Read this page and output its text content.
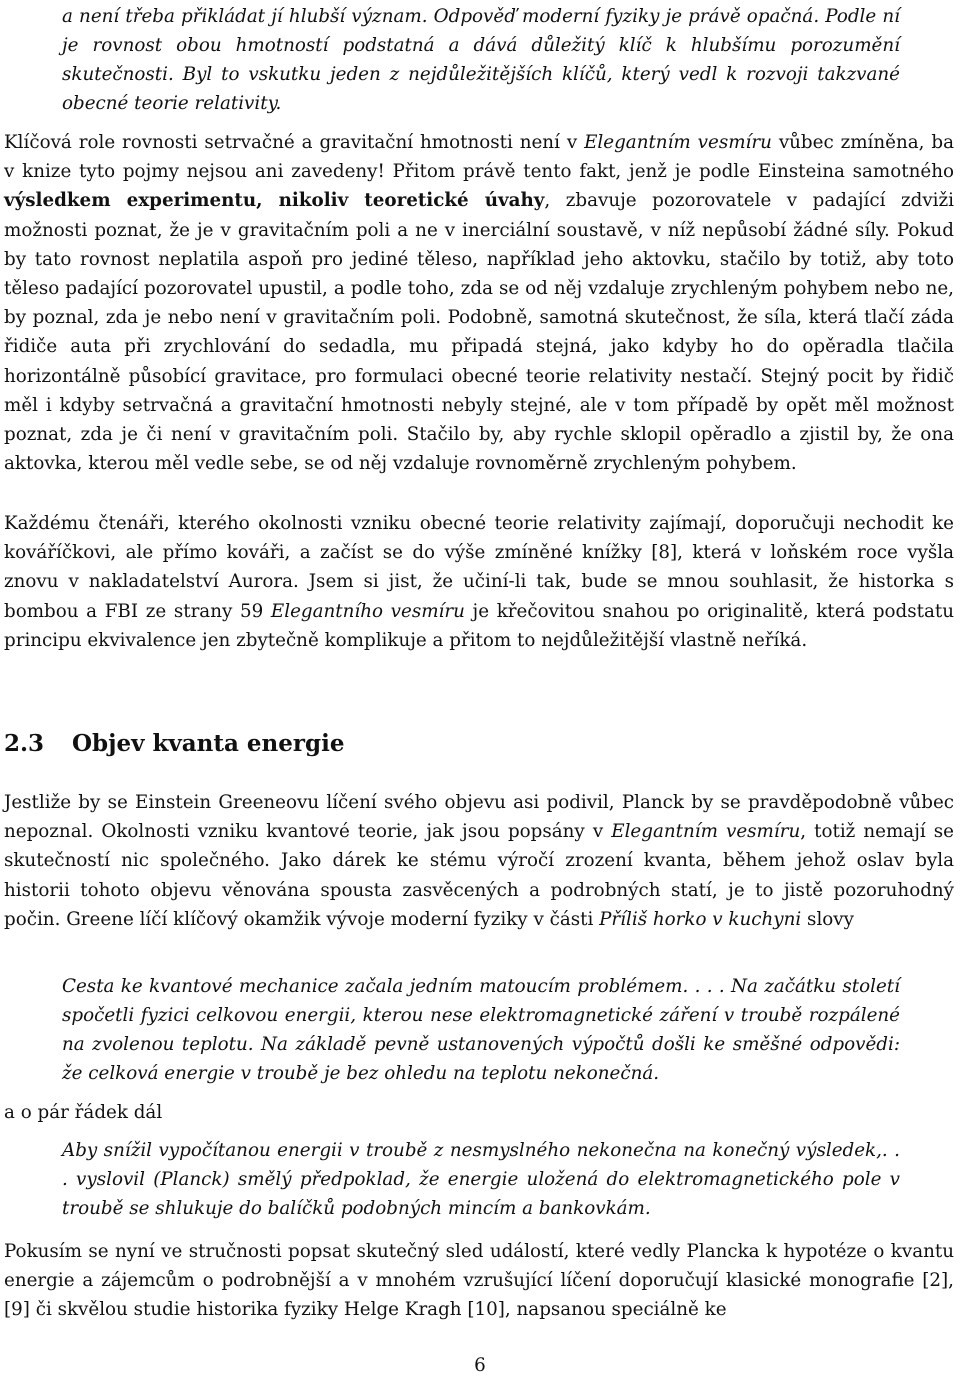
a není třeba přikládat jí hlubší význam. Odpověď moderní fyziky je právě opačná. Podle ní je rovnost obou hmotností podstatná a dává důležitý klíč k hlubšímu porozumění skutečnosti. Byl to vskutku jeden z nejdůležitějších klíčů, který vedl k rozvoji takzvané obecné teorie relativity.
Klíčová role rovnosti setrvačné a gravitační hmotnosti není v Elegantním vesmíru vůbec zmíněna, ba v knize tyto pojmy nejsou ani zavedeny! Přitom právě tento fakt, jenž je podle Einsteina samotného výsledkem experimentu, nikoliv teoretické úvahy, zbavuje pozorovatele v padající zdviži možnosti poznat, že je v gravitačním poli a ne v inerciální soustavě, v níž nepůsobí žádné síly. Pokud by tato rovnost neplatila aspoň pro jediné těleso, například jeho aktovku, stačilo by totiž, aby toto těleso padající pozorovatel upustil, a podle toho, zda se od něj vzdaluje zrychleným pohybem nebo ne, by poznal, zda je nebo není v gravitačním poli. Podobně, samotná skutečnost, že síla, která tlačí záda řidiče auta při zrychlování do sedadla, mu připadá stejná, jako kdyby ho do opěradla tlačila horizontálně působící gravitace, pro formulaci obecné teorie relativity nestačí. Stejný pocit by řidič měl i kdyby setrvačná a gravitační hmotnosti nebyly stejné, ale v tom případě by opět měl možnost poznat, zda je či není v gravitačním poli. Stačilo by, aby rychle sklopil opěradlo a zjistil by, že ona aktovka, kterou měl vedle sebe, se od něj vzdaluje rovnoměrně zrychleným pohybem.
Každému čtenáři, kterého okolnosti vzniku obecné teorie relativity zajímají, doporučuji nechodit ke kováříčkovi, ale přímo kováři, a začíst se do výše zmíněné knížky [8], která v loňském roce vyšla znovu v nakladatelství Aurora. Jsem si jist, že učiní-li tak, bude se mnou souhlasit, že historka s bombou a FBI ze strany 59 Elegantního vesmíru je křečovitou snahou po originalitě, která podstatu principu ekvivalence jen zbytečně komplikuje a přitom to nejdůležitější vlastně neříká.
2.3 Objev kvanta energie
Jestliže by se Einstein Greeneovu líčení svého objevu asi podivil, Planck by se pravděpodobně vůbec nepoznal. Okolnosti vzniku kvantové teorie, jak jsou popsány v Elegantním vesmíru, totiž nemají se skutečností nic společného. Jako dárek ke stému výročí zrození kvanta, během jehož oslav byla historii tohoto objevu věnována spousta zasvěcených a podrobných statí, je to jistě pozoruhodný počin. Greene líčí klíčový okamžik vývoje moderní fyziky v části Příliš horko v kuchyni slovy
Cesta ke kvantové mechanice začala jedním matoucím problémem. . . . Na začátku století spočetli fyzici celkovou energii, kterou nese elektromagnetické záření v troubě rozpálené na zvolenou teplotu. Na základě pevně ustanovených výpočtů došli ke směšné odpovědi: že celková energie v troubě je bez ohledu na teplotu nekonečná.
a o pár řádek dál
Aby snížil vypočítanou energii v troubě z nesmyslného nekonečna na konečný výsledek,. . . vyslovil (Planck) smělý předpoklad, že energie uložená do elektromagnetického pole v troubě se shlukuje do balíčků podobných mincím a bankovkám.
Pokusím se nyní ve stručnosti popsat skutečný sled událostí, které vedly Plancka k hypotéze o kvantu energie a zájemcům o podrobnější a v mnohém vzrušující líčení doporučují klasické monografie [2], [9] či skvělou studie historika fyziky Helge Kragh [10], napsanou speciálně ke
6
